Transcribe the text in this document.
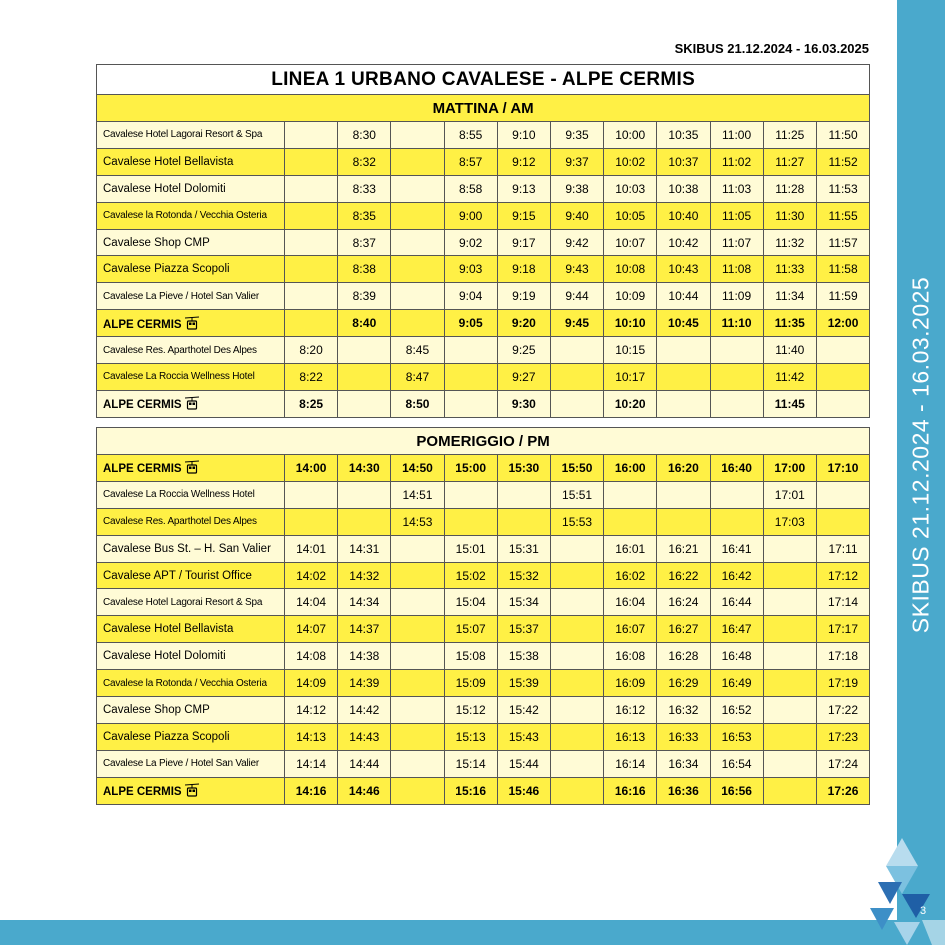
SKIBUS 21.12.2024 - 16.03.2025
3
SKIBUS 21.12.2024 - 16.03.2025
LINEA 1 URBANO CAVALESE - ALPE CERMIS											
MATTINA / AM											
Cavalese Hotel Lagorai Resort & Spa		8:30		8:55	9:10	9:35	10:00	10:35	11:00	11:25	11:50
Cavalese Hotel Bellavista		8:32		8:57	9:12	9:37	10:02	10:37	11:02	11:27	11:52
Cavalese Hotel Dolomiti		8:33		8:58	9:13	9:38	10:03	10:38	11:03	11:28	11:53
Cavalese la Rotonda / Vecchia Osteria		8:35		9:00	9:15	9:40	10:05	10:40	11:05	11:30	11:55
Cavalese Shop CMP		8:37		9:02	9:17	9:42	10:07	10:42	11:07	11:32	11:57
Cavalese Piazza Scopoli		8:38		9:03	9:18	9:43	10:08	10:43	11:08	11:33	11:58
Cavalese La Pieve / Hotel San Valier		8:39		9:04	9:19	9:44	10:09	10:44	11:09	11:34	11:59
ALPE CERMIS		8:40		9:05	9:20	9:45	10:10	10:45	11:10	11:35	12:00
Cavalese Res. Aparthotel Des Alpes	8:20		8:45		9:25		10:15			11:40	
Cavalese La Roccia Wellness Hotel	8:22		8:47		9:27		10:17			11:42	
ALPE CERMIS	8:25		8:50		9:30		10:20			11:45	
POMERIGGIO / PM											
ALPE CERMIS	14:00	14:30	14:50	15:00	15:30	15:50	16:00	16:20	16:40	17:00	17:10
Cavalese La Roccia Wellness Hotel			14:51			15:51				17:01	
Cavalese Res. Aparthotel Des Alpes			14:53			15:53				17:03	
Cavalese Bus St. – H. San Valier	14:01	14:31		15:01	15:31		16:01	16:21	16:41		17:11
Cavalese APT / Tourist Office	14:02	14:32		15:02	15:32		16:02	16:22	16:42		17:12
Cavalese Hotel Lagorai Resort & Spa	14:04	14:34		15:04	15:34		16:04	16:24	16:44		17:14
Cavalese Hotel Bellavista	14:07	14:37		15:07	15:37		16:07	16:27	16:47		17:17
Cavalese Hotel Dolomiti	14:08	14:38		15:08	15:38		16:08	16:28	16:48		17:18
Cavalese la Rotonda / Vecchia Osteria	14:09	14:39		15:09	15:39		16:09	16:29	16:49		17:19
Cavalese Shop CMP	14:12	14:42		15:12	15:42		16:12	16:32	16:52		17:22
Cavalese Piazza Scopoli	14:13	14:43		15:13	15:43		16:13	16:33	16:53		17:23
Cavalese La Pieve / Hotel San Valier	14:14	14:44		15:14	15:44		16:14	16:34	16:54		17:24
ALPE CERMIS	14:16	14:46		15:16	15:46		16:16	16:36	16:56		17:26
